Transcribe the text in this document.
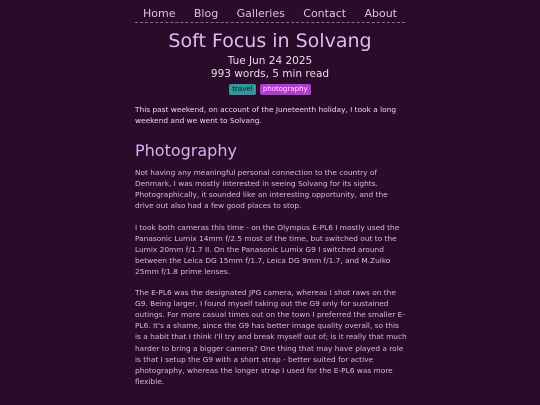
Home	Blog	Galleries	Contact	About
Soft Focus in Solvang
Tue Jun 24 2025
993 words, 5 min read
travel photography

This past weekend, on account of the Juneteenth holiday, I took a long weekend and we went to Solvang.

Photography

Not having any meaningful personal connection to the country of Denmark, I was mostly interested in seeing Solvang for its sights. Photographically, it sounded like an interesting opportunity, and the drive out also had a few good places to stop.

I took both cameras this time - on the Olympus E-PL6 I mostly used the Panasonic Lumix 14mm f/2.5 most of the time, but switched out to the Lumix 20mm f/1.7 II. On the Panasonic Lumix G9 I switched around between the Leica DG 15mm f/1.7, Leica DG 9mm f/1.7, and M.Zuiko 25mm f/1.8 prime lenses.

The E-PL6 was the designated JPG camera, whereas I shot raws on the G9. Being larger, I found myself taking out the G9 only for sustained outings. For more casual times out on the town I preferred the smaller E-PL6. It's a shame, since the G9 has better image quality overall, so this is a habit that I think I'll try and break myself out of; is it really that much harder to bring a bigger camera? One thing that may have played a role is that I setup the G9 with a short strap - better suited for active photography, whereas the longer strap I used for the E-PL6 was more flexible.
